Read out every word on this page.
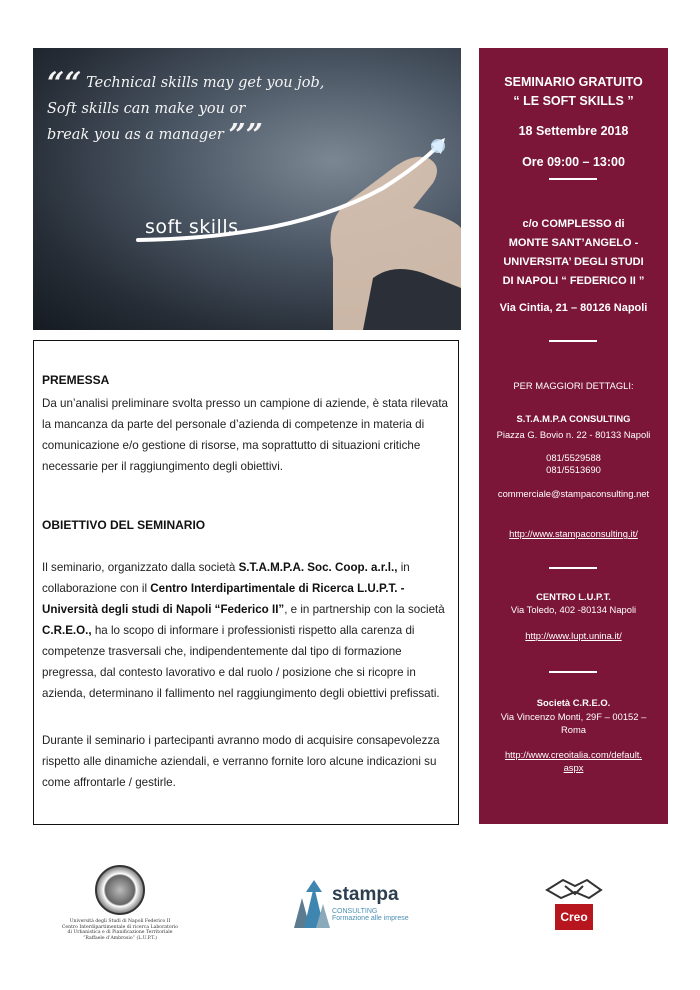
““ Technical skills may get you job,
Soft skills can make you or
break you as a manager ””
soft skills
SEMINARIO GRATUITO
“ LE SOFT SKILLS ”
18 Settembre 2018
Ore 09:00 – 13:00
c/o COMPLESSO di
MONTE SANT’ANGELO -
UNIVERSITA’ DEGLI STUDI
DI NAPOLI “ FEDERICO II ”
Via Cintia, 21 – 80126 Napoli
PER MAGGIORI DETTAGLI:
S.T.A.M.P.A CONSULTING
Piazza G. Bovio n. 22 - 80133 Napoli
081/5529588
081/5513690
commerciale@stampaconsulting.net
http://www.stampaconsulting.it/
CENTRO L.U.P.T.
Via Toledo, 402 -80134 Napoli
http://www.lupt.unina.it/
Società C.R.E.O.
Via Vincenzo Monti, 29F – 00152 –
Roma
http://www.creoitalia.com/default.
aspx
PREMESSA
Da un’analisi preliminare svolta presso un campione di aziende, è stata rilevata la mancanza da parte del personale d’azienda di competenze in materia di comunicazione e/o gestione di risorse, ma soprattutto di situazioni critiche necessarie per il raggiungimento degli obiettivi.
OBIETTIVO DEL SEMINARIO
Il seminario, organizzato dalla società S.T.A.M.P.A. Soc. Coop. a.r.l., in collaborazione con il Centro Interdipartimentale di Ricerca L.U.P.T. - Università degli studi di Napoli “Federico II”, e in partnership con la società C.R.E.O., ha lo scopo di informare i professionisti rispetto alla carenza di competenze trasversali che, indipendentemente dal tipo di formazione pregressa, dal contesto lavorativo e dal ruolo / posizione che si ricopre in azienda, determinano il fallimento nel raggiungimento degli obiettivi prefissati.
Durante il seminario i partecipanti avranno modo di acquisire consapevolezza rispetto alle dinamiche aziendali, e verranno fornite loro alcune indicazioni su come affrontarle / gestirle.
Università degli Studi di Napoli Federico II
Centro Interdipartimentale di ricerca Laboratorio
di Urbanistica e di Pianificazione Territoriale
“Raffaele d’Ambrosio” (L.U.P.T.)
stampa
CONSULTING
Formazione alle imprese	Creo
